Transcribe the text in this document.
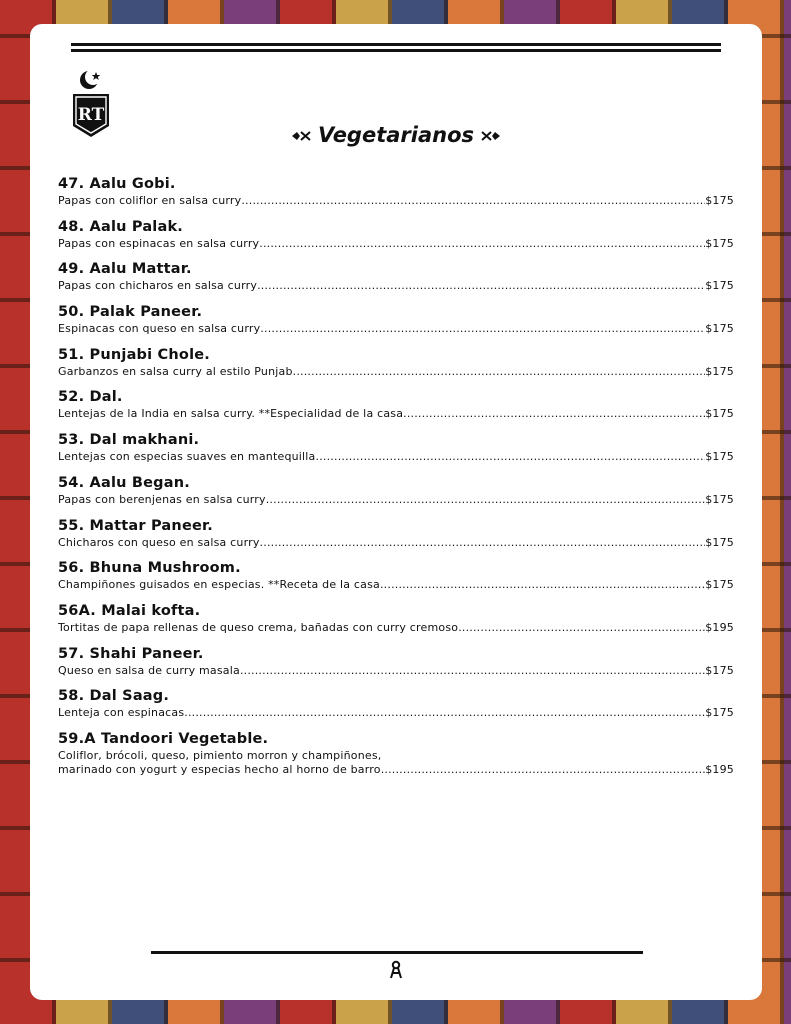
RT
Vegetarianos
47. Aalu Gobi.
Papas con coliflor en salsa curry .....	$175
48. Aalu Palak.
Papas con espinacas en salsa curry .....	$175
49. Aalu Mattar.
Papas con chicharos en salsa curry .....	$175
50. Palak Paneer.
Espinacas con queso en salsa curry .....	$175
51. Punjabi Chole.
Garbanzos en salsa curry al estilo Punjab .....	$175
52. Dal.
Lentejas de la India en salsa curry. **Especialidad de la casa .....	$175
53. Dal makhani.
Lentejas con especias suaves en mantequilla .....	$175
54. Aalu Began.
Papas con berenjenas en salsa curry .....	$175
55. Mattar Paneer.
Chicharos con queso en salsa curry .....	$175
56. Bhuna Mushroom.
Champiñones guisados en especias. **Receta de la casa .....	$175
56A. Malai kofta.
Tortitas de papa rellenas de queso crema, bañadas con curry cremoso .....	$195
57. Shahi Paneer.
Queso en salsa de curry masala .....	$175
58. Dal Saag.
Lenteja con espinacas .....	$175
59.A Tandoori Vegetable.
Coliflor, brócoli, queso, pimiento morron y champiñones,
marinado con yogurt y especias hecho al horno de barro .....	$195
